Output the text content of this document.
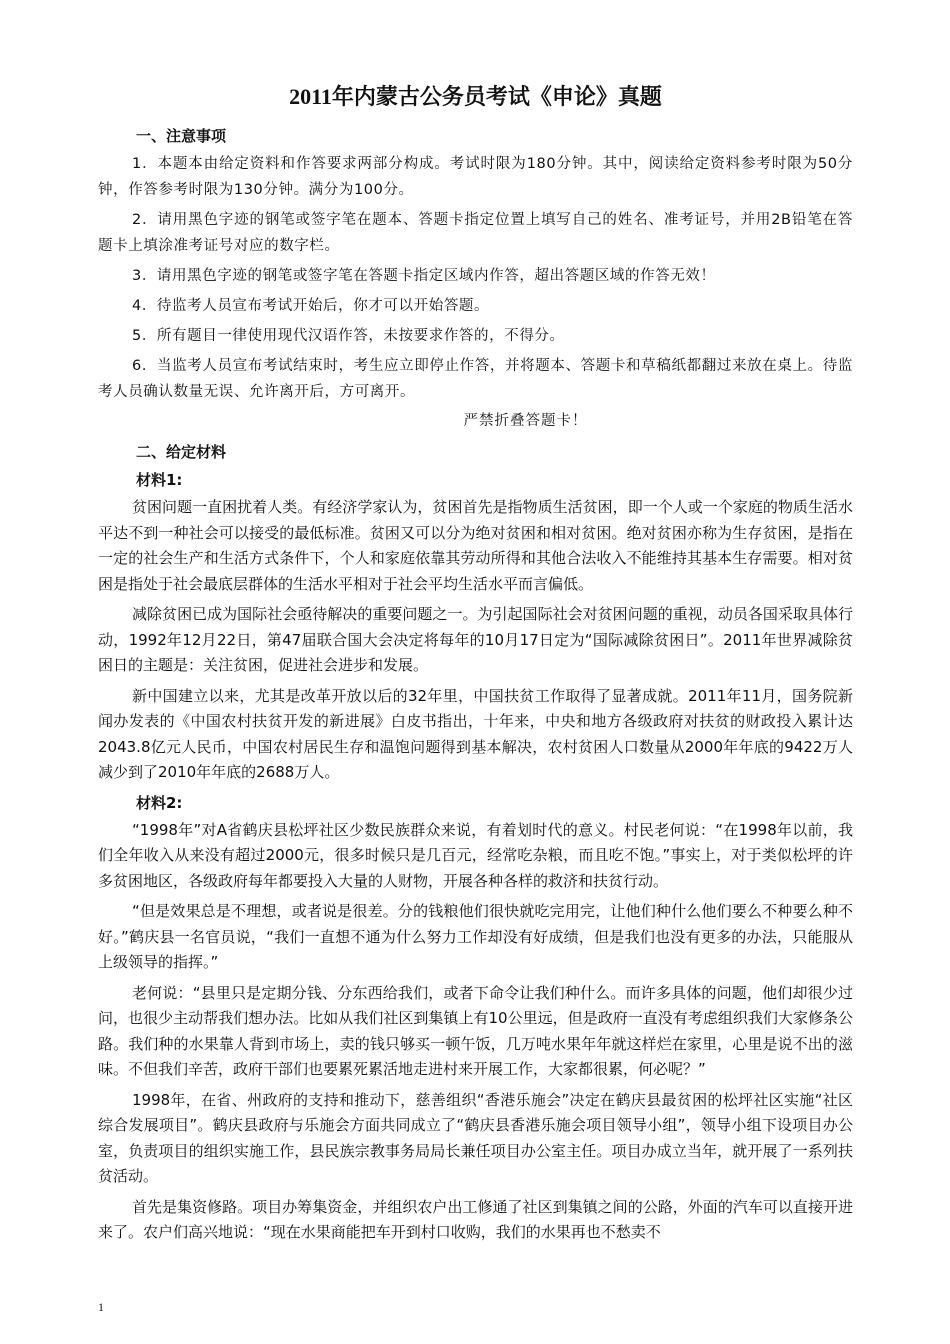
2011年内蒙古公务员考试《申论》真题
一、注意事项

1．本题本由给定资料和作答要求两部分构成。考试时限为180分钟。其中，阅读给定资料参考时限为50分钟，作答参考时限为130分钟。满分为100分。

2．请用黑色字迹的钢笔或签字笔在题本、答题卡指定位置上填写自己的姓名、准考证号，并用2B铅笔在答题卡上填涂准考证号对应的数字栏。

3．请用黑色字迹的钢笔或签字笔在答题卡指定区域内作答，超出答题区域的作答无效！

4．待监考人员宣布考试开始后，你才可以开始答题。

5．所有题目一律使用现代汉语作答，未按要求作答的，不得分。

6．当监考人员宣布考试结束时，考生应立即停止作答，并将题本、答题卡和草稿纸都翻过来放在桌上。待监考人员确认数量无误、允许离开后，方可离开。

严禁折叠答题卡！
二、给定材料
材料1:

贫困问题一直困扰着人类。有经济学家认为，贫困首先是指物质生活贫困，即一个人或一个家庭的物质生活水平达不到一种社会可以接受的最低标准。贫困又可以分为绝对贫困和相对贫困。绝对贫困亦称为生存贫困，是指在一定的社会生产和生活方式条件下，个人和家庭依靠其劳动所得和其他合法收入不能维持其基本生存需要。相对贫困是指处于社会最底层群体的生活水平相对于社会平均生活水平而言偏低。

减除贫困已成为国际社会亟待解决的重要问题之一。为引起国际社会对贫困问题的重视，动员各国采取具体行动，1992年12月22日，第47届联合国大会决定将每年的10月17日定为“国际减除贫困日”。2011年世界减除贫困日的主题是：关注贫困，促进社会进步和发展。

新中国建立以来，尤其是改革开放以后的32年里，中国扶贫工作取得了显著成就。2011年11月，国务院新闻办发表的《中国农村扶贫开发的新进展》白皮书指出，十年来，中央和地方各级政府对扶贫的财政投入累计达2043.8亿元人民币，中国农村居民生存和温饱问题得到基本解决，农村贫困人口数量从2000年年底的9422万人减少到了2010年年底的2688万人。

材料2:

“1998年”对A省鹤庆县松坪社区少数民族群众来说，有着划时代的意义。村民老何说：“在1998年以前，我们全年收入从来没有超过2000元，很多时候只是几百元，经常吃杂粮，而且吃不饱。”事实上，对于类似松坪的许多贫困地区，各级政府每年都要投入大量的人财物，开展各种各样的救济和扶贫行动。

“但是效果总是不理想，或者说是很差。分的钱粮他们很快就吃完用完，让他们种什么他们要么不种要么种不好。”鹤庆县一名官员说，“我们一直想不通为什么努力工作却没有好成绩，但是我们也没有更多的办法，只能服从上级领导的指挥。”

老何说：“县里只是定期分钱、分东西给我们，或者下命令让我们种什么。而许多具体的问题，他们却很少过问，也很少主动帮我们想办法。比如从我们社区到集镇上有10公里远，但是政府一直没有考虑组织我们大家修条公路。我们种的水果靠人背到市场上，卖的钱只够买一顿午饭，几万吨水果年年就这样烂在家里，心里是说不出的滋味。不但我们辛苦，政府干部们也要累死累活地走进村来开展工作，大家都很累，何必呢？”

1998年，在省、州政府的支持和推动下，慈善组织“香港乐施会”决定在鹤庆县最贫困的松坪社区实施“社区综合发展项目”。鹤庆县政府与乐施会方面共同成立了“鹤庆县香港乐施会项目领导小组”，领导小组下设项目办公室，负责项目的组织实施工作，县民族宗教事务局局长兼任项目办公室主任。项目办成立当年，就开展了一系列扶贫活动。

首先是集资修路。项目办筹集资金，并组织农户出工修通了社区到集镇之间的公路，外面的汽车可以直接开进来了。农户们高兴地说：“现在水果商能把车开到村口收购，我们的水果再也不愁卖不

1
